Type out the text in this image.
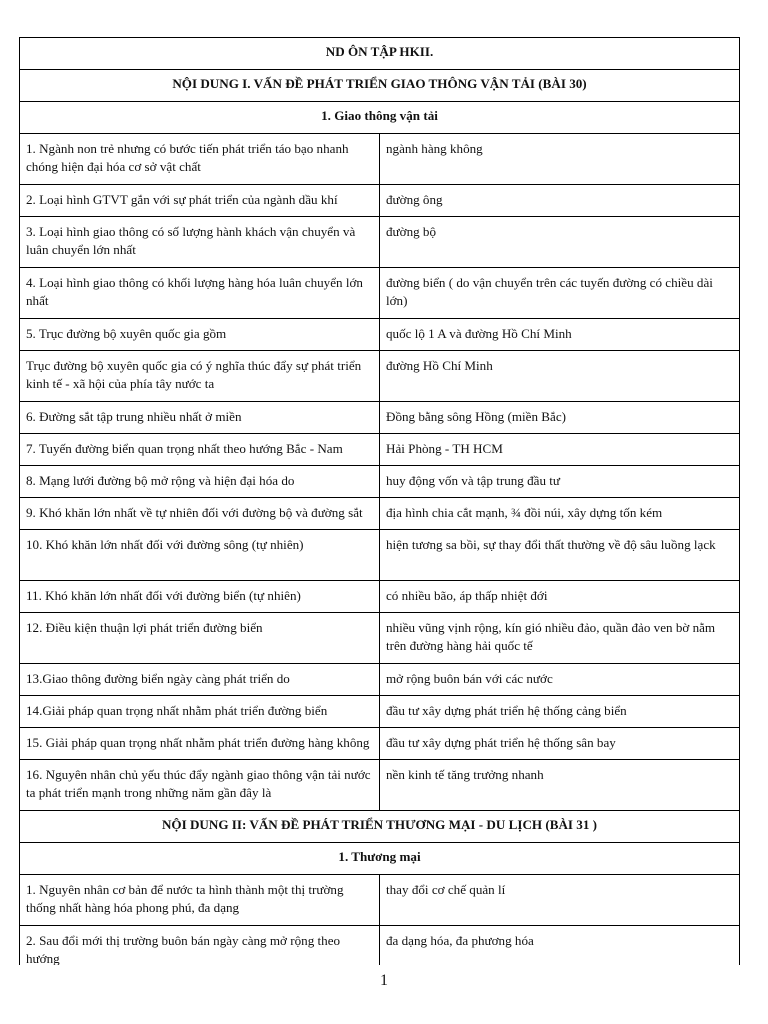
ND ÔN TẬP HKII.	
NỘI DUNG I. VẤN ĐỀ PHÁT TRIỂN GIAO THÔNG VẬN TẢI (BÀI 30)	
1. Giao thông vận tải	
1. Ngành non trẻ nhưng có bước tiến phát triển táo bạo nhanh chóng hiện đại hóa cơ sở vật chất	ngành hàng không
2. Loại hình GTVT gắn với sự phát triển của ngành dầu khí	đường ông
3. Loại hình giao thông có số lượng hành khách vận chuyển và luân chuyển lớn nhất	đường bộ
4. Loại hình giao thông có khối lượng hàng hóa luân chuyển lớn nhất	đường biển ( do vận chuyển trên các tuyến đường có chiều dài lớn)
5. Trục đường bộ xuyên quốc gia gồm	quốc lộ 1 A và đường Hồ Chí Minh
Trục đường bộ xuyên quốc gia có ý nghĩa thúc đẩy sự phát triển kinh tế - xã hội của phía tây nước ta	đường Hồ Chí Minh
6. Đường sắt tập trung nhiều nhất ở miền	Đồng bằng sông Hồng (miền Bắc)
7. Tuyến đường biển quan trọng nhất theo hướng Bắc - Nam	Hải Phòng - TH HCM
8. Mạng lưới đường bộ mở rộng và hiện đại hóa do	huy động vốn và tập trung đầu tư
9. Khó khăn lớn nhất về tự nhiên đối với đường bộ và đường sắt	địa hình chia cắt mạnh, ¾ đồi núi, xây dựng tốn kém
10. Khó khăn lớn nhất đối với đường sông (tự nhiên)	hiện tương sa bồi, sự thay đổi thất thường về độ sâu luồng lạck
11. Khó khăn lớn nhất đối với đường biển (tự nhiên)	có nhiều bão, áp thấp nhiệt đới
12. Điều kiện thuận lợi phát triển đường biển	nhiều vũng vịnh rộng, kín gió nhiều đảo, quần đảo ven bờ nằm trên đường hàng hải quốc tế
13.Giao thông đường biển ngày càng phát triển do	mở rộng buôn bán với các nước
14.Giải pháp quan trọng nhất nhằm phát triển đường biển	đầu tư xây dựng phát triển hệ thống cảng biển
15. Giải pháp quan trọng nhất nhằm phát triển đường hàng không	đầu tư xây dựng phát triển hệ thống sân bay
16. Nguyên nhân chủ yếu thúc đẩy ngành giao thông vận tải nước ta phát triển mạnh trong những năm gần đây là	nền kinh tế tăng trưởng nhanh
NỘI DUNG II: VẤN ĐỀ PHÁT TRIỂN THƯƠNG MẠI - DU LỊCH (BÀI 31 )	
1. Thương mại	
1. Nguyên nhân cơ bản để nước ta hình thành một thị trường thống nhất hàng hóa phong phú, đa dạng	thay đổi cơ chế quản lí
2. Sau đổi mới thị trường buôn bán ngày càng mở rộng theo hướng	đa dạng hóa, đa phương hóa
1
